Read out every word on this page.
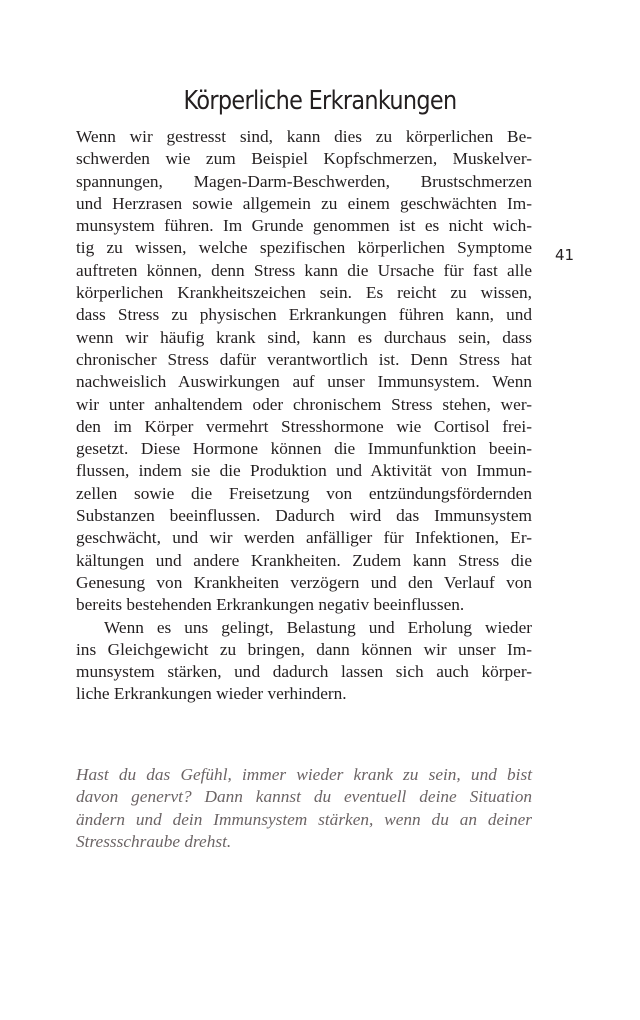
Körperliche Erkrankungen
41
Wenn wir gestresst sind, kann dies zu körperlichen Be-
schwerden wie zum Beispiel Kopfschmerzen, Muskelver-
spannungen, Magen-Darm-Beschwerden, Brustschmerzen
und Herzrasen sowie allgemein zu einem geschwächten Im-
munsystem führen. Im Grunde genommen ist es nicht wich-
tig zu wissen, welche spezifischen körperlichen Symptome
auftreten können, denn Stress kann die Ursache für fast alle
körperlichen Krankheitszeichen sein. Es reicht zu wissen,
dass Stress zu physischen Erkrankungen führen kann, und
wenn wir häufig krank sind, kann es durchaus sein, dass
chronischer Stress dafür verantwortlich ist. Denn Stress hat
nachweislich Auswirkungen auf unser Immunsystem. Wenn
wir unter anhaltendem oder chronischem Stress stehen, wer-
den im Körper vermehrt Stresshormone wie Cortisol frei-
gesetzt. Diese Hormone können die Immunfunktion beein-
flussen, indem sie die Produktion und Aktivität von Immun-
zellen sowie die Freisetzung von entzündungsfördernden
Substanzen beeinflussen. Dadurch wird das Immunsystem
geschwächt, und wir werden anfälliger für Infektionen, Er-
kältungen und andere Krankheiten. Zudem kann Stress die
Genesung von Krankheiten verzögern und den Verlauf von
bereits bestehenden Erkrankungen negativ beeinflussen.
Wenn es uns gelingt, Belastung und Erholung wieder
ins Gleichgewicht zu bringen, dann können wir unser Im-
munsystem stärken, und dadurch lassen sich auch körper-
liche Erkrankungen wieder verhindern.
Hast du das Gefühl, immer wieder krank zu sein, und bist
davon genervt? Dann kannst du eventuell deine Situation
ändern und dein Immunsystem stärken, wenn du an deiner
Stressschraube drehst.
